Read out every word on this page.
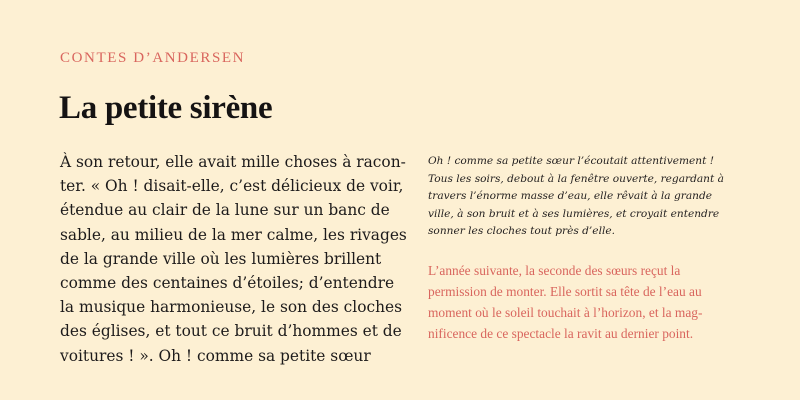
CONTES D’ANDERSEN
La petite sirène
À son retour, elle avait mille choses à racon-
ter. « Oh ! disait-elle, c’est délicieux de voir,
étendue au clair de la lune sur un banc de
sable, au milieu de la mer calme, les rivages
de la grande ville où les lumières brillent
comme des centaines d’étoiles; d’entendre
la musique harmonieuse, le son des cloches
des églises, et tout ce bruit d’hommes et de
voitures ! ». Oh ! comme sa petite sœur
Oh ! comme sa petite sœur l’écoutait attentivement !
Tous les soirs, debout à la fenêtre ouverte, regardant à
travers l’énorme masse d’eau, elle rêvait à la grande
ville, à son bruit et à ses lumières, et croyait entendre
sonner les cloches tout près d’elle.
L’année suivante, la seconde des sœurs reçut la
permission de monter. Elle sortit sa tête de l’eau au
moment où le soleil touchait à l’horizon, et la mag-
nificence de ce spectacle la ravit au dernier point.
